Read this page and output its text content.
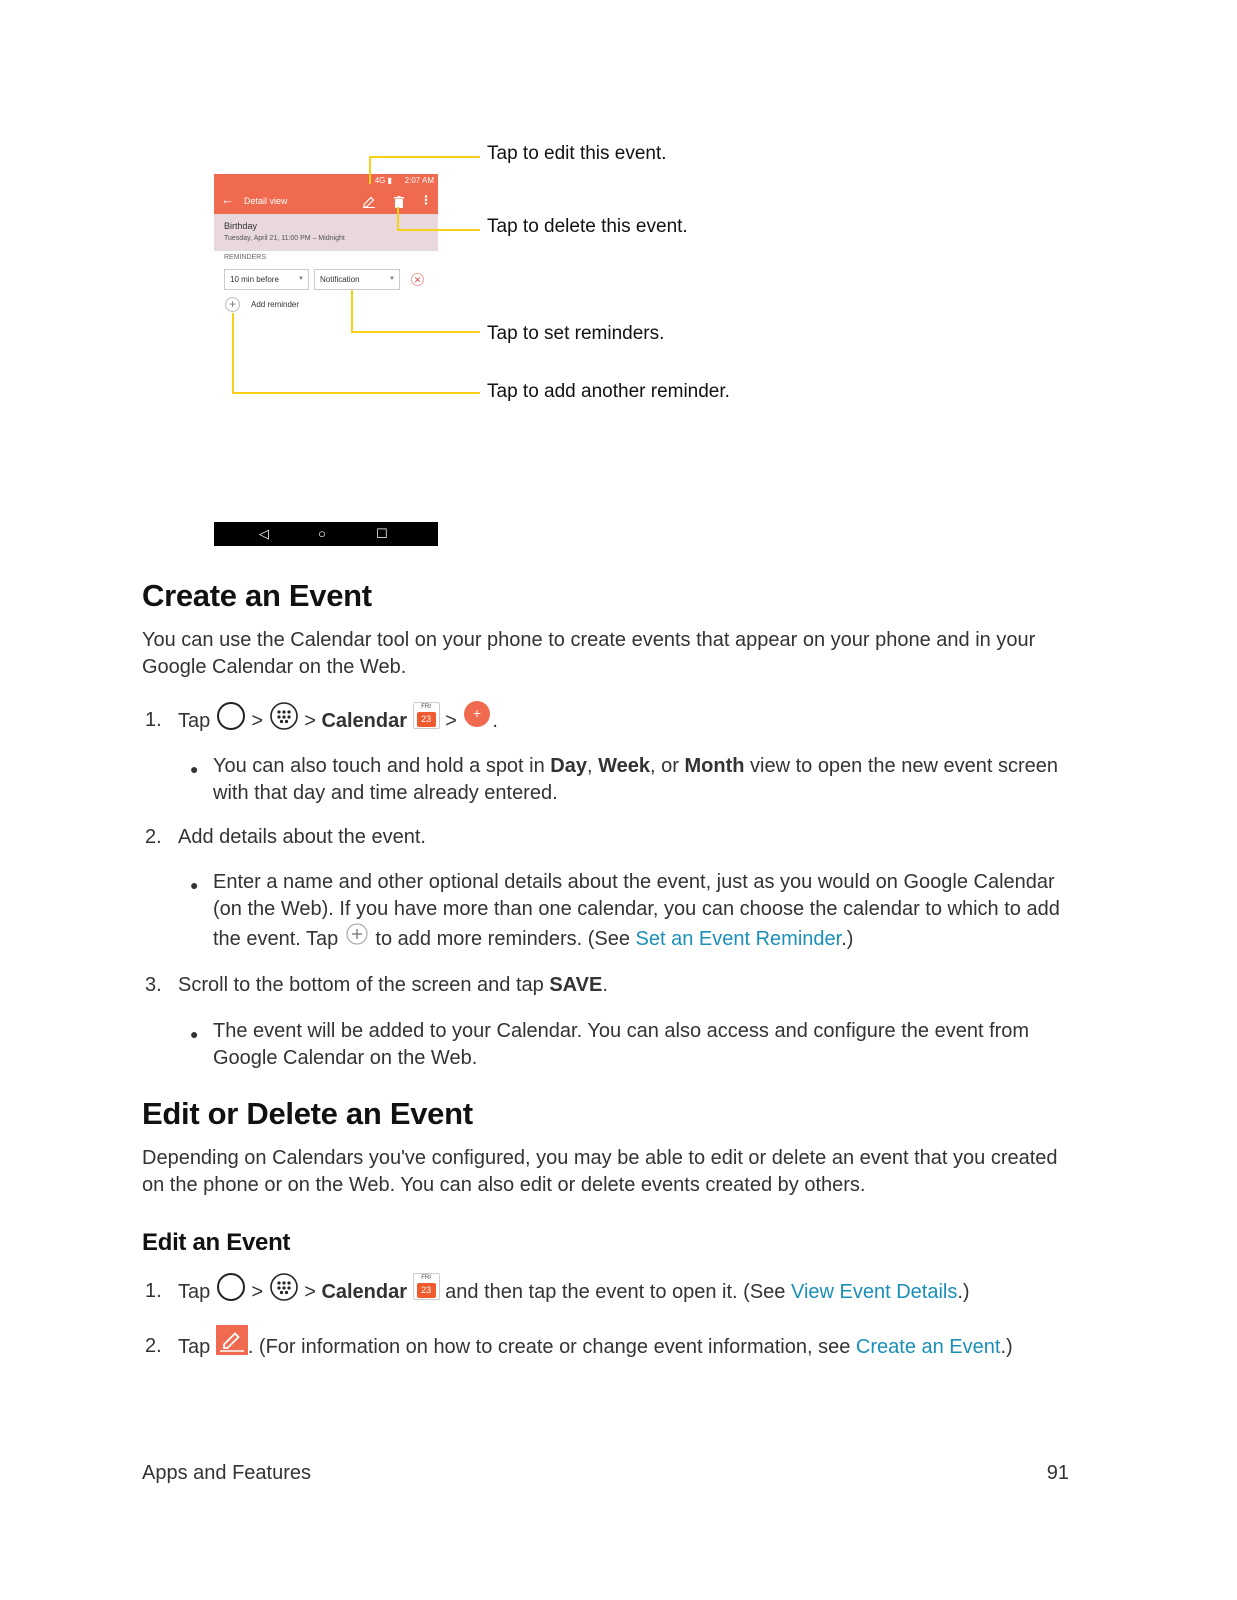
4G ▮ 2:07 AM
← Detail view	⋮
Birthday
Tuesday, April 21, 11:00 PM – Midnight
REMINDERS
10 min before	▼ Notification	▼	✕
+	Add reminder
Tap to edit this event.
Tap to delete this event.
Tap to set reminders.
Tap to add another reminder.
◁	○	☐
Create an Event

You can use the Calendar tool on your phone to create events that appear on your phone and in your Google Calendar on the Web.

1. Tap > > Calendar
FRI
23 > + .
● You can also touch and hold a spot in Day, Week, or Month view to open the new event screen with that day and time already entered.

2. Add details about the event.
● Enter a name and other optional details about the event, just as you would on Google Calendar (on the Web). If you have more than one calendar, you can choose the calendar to which to add the event. Tap  to add more reminders. (See Set an Event Reminder.)

3. Scroll to the bottom of the screen and tap SAVE.
● The event will be added to your Calendar. You can also access and configure the event from Google Calendar on the Web.

Edit or Delete an Event

Depending on Calendars you've configured, you may be able to edit or delete an event that you created on the phone or on the Web. You can also edit or delete events created by others.

Edit an Event
1. Tap > > Calendar
FRI
23 and then tap the event to open it. (See View Event Details.)
2. Tap . (For information on how to create or change event information, see Create an Event.)
Apps and Features	91
